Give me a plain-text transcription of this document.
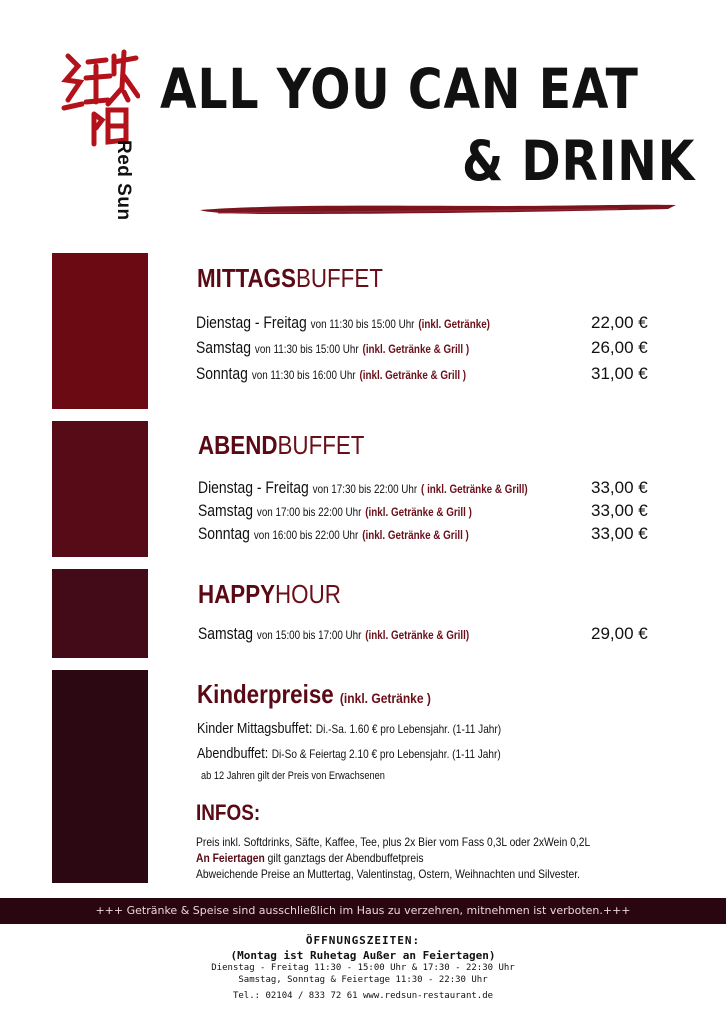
Red Sun
ALL YOU CAN EAT
& DRINK
MITTAGSBUFFET
Dienstag - Freitag von 11:30 bis 15:00 Uhr (inkl. Getränke)	22,00 €
Samstag von 11:30 bis 15:00 Uhr (inkl. Getränke & Grill )	26,00 €
Sonntag von 11:30 bis 16:00 Uhr (inkl. Getränke & Grill )	31,00 €
ABENDBUFFET
Dienstag - Freitag von 17:30 bis 22:00 Uhr ( inkl. Getränke & Grill)	33,00 €
Samstag von 17:00 bis 22:00 Uhr (inkl. Getränke & Grill )	33,00 €
Sonntag von 16:00 bis 22:00 Uhr (inkl. Getränke & Grill )	33,00 €
HAPPYHOUR
Samstag von 15:00 bis 17:00 Uhr (inkl. Getränke & Grill)	29,00 €
Kinderpreise (inkl. Getränke )
Kinder Mittagsbuffet: Di.-Sa. 1.60 € pro Lebensjahr. (1-11 Jahr)
Abendbuffet: Di-So & Feiertag 2.10 € pro Lebensjahr. (1-11 Jahr)
ab 12 Jahren gilt der Preis von Erwachsenen
INFOS:
Preis inkl. Softdrinks, Säfte, Kaffee, Tee, plus 2x Bier vom Fass 0,3L oder 2xWein 0,2L
An Feiertagen gilt ganztags der Abendbuffetpreis
Abweichende Preise an Muttertag, Valentinstag, Ostern, Weihnachten und Silvester.
+++ Getränke & Speise sind ausschließlich im Haus zu verzehren, mitnehmen ist verboten.+++
ÖFFNUNGSZEITEN:
(Montag ist Ruhetag Außer an Feiertagen)
Dienstag - Freitag 11:30 - 15:00 Uhr & 17:30 - 22:30 Uhr
Samstag, Sonntag & Feiertage 11:30 - 22:30 Uhr
Tel.: 02104 / 833 72 61 www.redsun-restaurant.de
